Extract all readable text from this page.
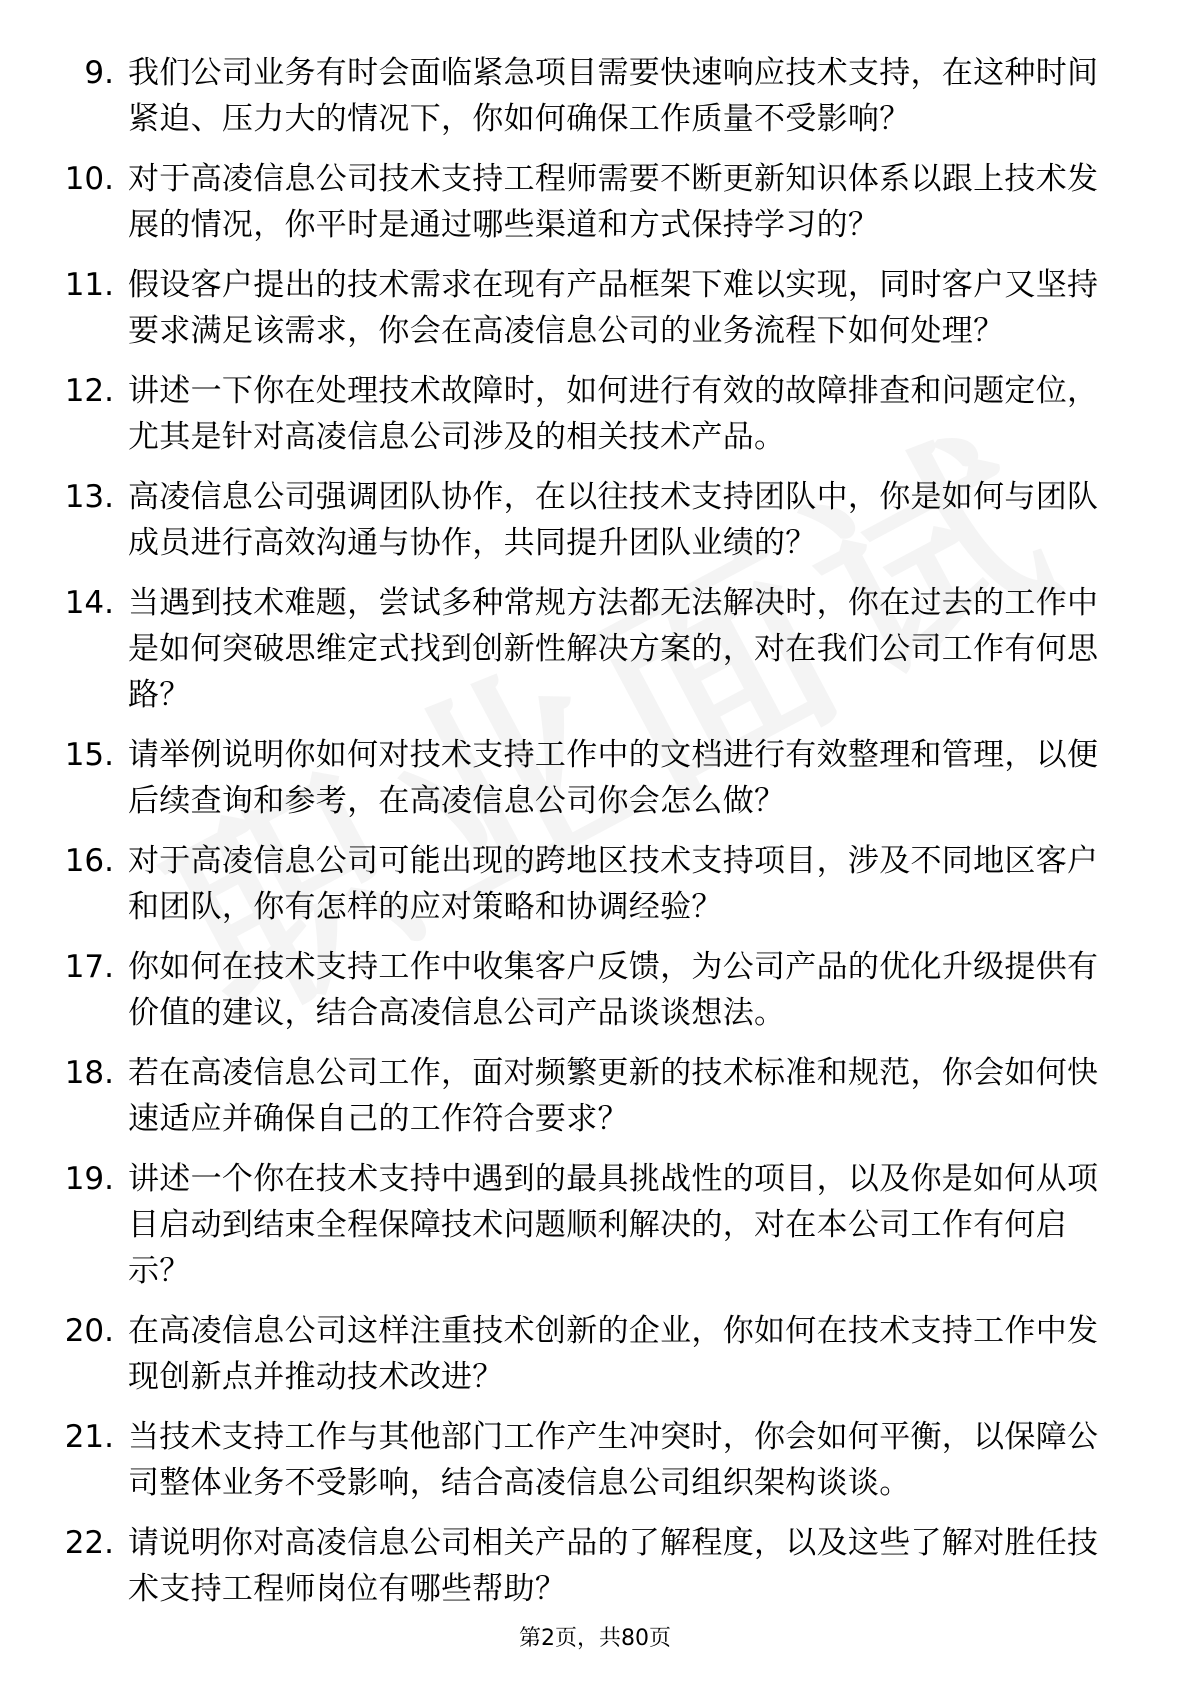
9. 我们公司业务有时会面临紧急项目需要快速响应技术支持，在这种时间紧迫、压力大的情况下，你如何确保工作质量不受影响？
10. 对于高凌信息公司技术支持工程师需要不断更新知识体系以跟上技术发展的情况，你平时是通过哪些渠道和方式保持学习的？
11. 假设客户提出的技术需求在现有产品框架下难以实现，同时客户又坚持要求满足该需求，你会在高凌信息公司的业务流程下如何处理？
12. 讲述一下你在处理技术故障时，如何进行有效的故障排查和问题定位，尤其是针对高凌信息公司涉及的相关技术产品。
13. 高凌信息公司强调团队协作，在以往技术支持团队中，你是如何与团队成员进行高效沟通与协作，共同提升团队业绩的？
14. 当遇到技术难题，尝试多种常规方法都无法解决时，你在过去的工作中是如何突破思维定式找到创新性解决方案的，对在我们公司工作有何思路？
15. 请举例说明你如何对技术支持工作中的文档进行有效整理和管理，以便后续查询和参考，在高凌信息公司你会怎么做？
16. 对于高凌信息公司可能出现的跨地区技术支持项目，涉及不同地区客户和团队，你有怎样的应对策略和协调经验？
17. 你如何在技术支持工作中收集客户反馈，为公司产品的优化升级提供有价值的建议，结合高凌信息公司产品谈谈想法。
18. 若在高凌信息公司工作，面对频繁更新的技术标准和规范，你会如何快速适应并确保自己的工作符合要求？
19. 讲述一个你在技术支持中遇到的最具挑战性的项目，以及你是如何从项目启动到结束全程保障技术问题顺利解决的，对在本公司工作有何启示？
20. 在高凌信息公司这样注重技术创新的企业，你如何在技术支持工作中发现创新点并推动技术改进？
21. 当技术支持工作与其他部门工作产生冲突时，你会如何平衡，以保障公司整体业务不受影响，结合高凌信息公司组织架构谈谈。
22. 请说明你对高凌信息公司相关产品的了解程度，以及这些了解对胜任技术支持工程师岗位有哪些帮助？
第2页，共80页
